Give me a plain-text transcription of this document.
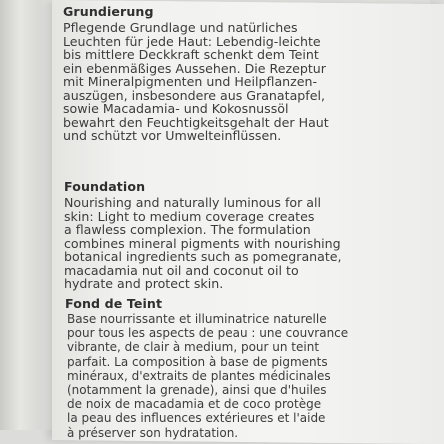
Grundierung
Pflegende Grundlage und natürliches
Leuchten für jede Haut: Lebendig-leichte
bis mittlere Deckkraft schenkt dem Teint
ein ebenmäßiges Aussehen. Die Rezeptur
mit Mineralpigmenten und Heilpflanzen-
auszügen, insbesondere aus Granatapfel,
sowie Macadamia- und Kokosnussöl
bewahrt den Feuchtigkeitsgehalt der Haut
und schützt vor Umwelteinflüssen.
Foundation
Nourishing and naturally luminous for all
skin: Light to medium coverage creates
a flawless complexion. The formulation
combines mineral pigments with nourishing
botanical ingredients such as pomegranate,
macadamia nut oil and coconut oil to
hydrate and protect skin.
Fond de Teint
Base nourrissante et illuminatrice naturelle
pour tous les aspects de peau : une couvrance
vibrante, de clair à medium, pour un teint
parfait. La composition à base de pigments
minéraux, d'extraits de plantes médicinales
(notamment la grenade), ainsi que d'huiles
de noix de macadamia et de coco protège
la peau des influences extérieures et l'aide
à préserver son hydratation.
